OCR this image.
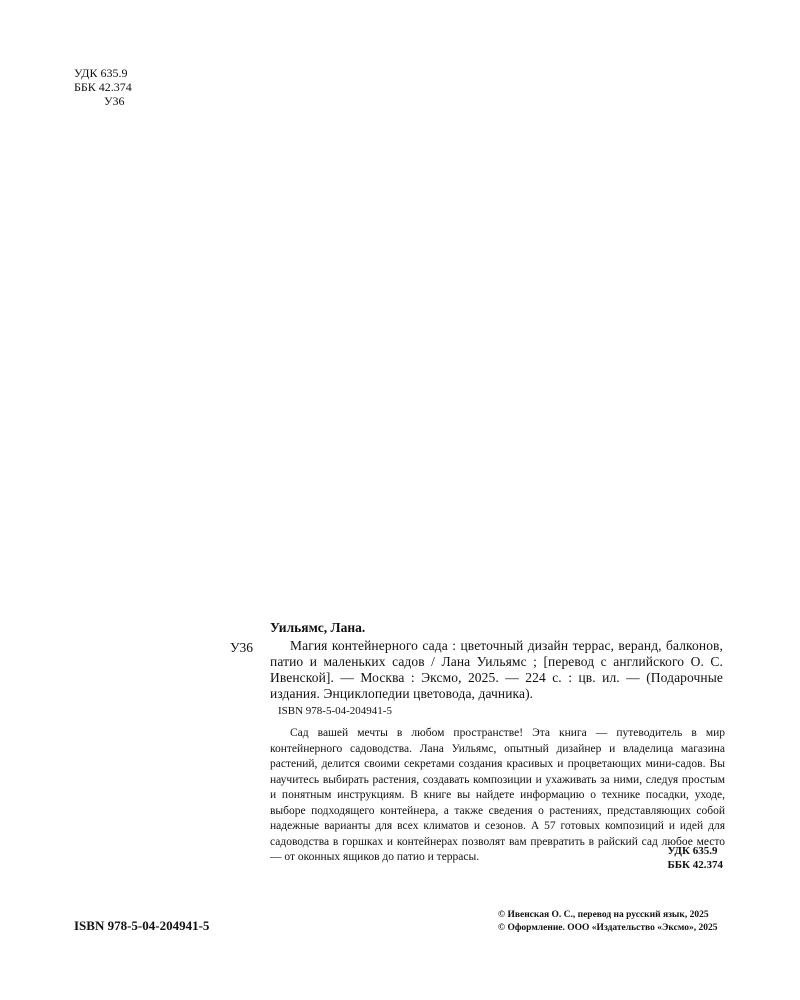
УДК 635.9
ББК 42.374
У36
Уильямс, Лана.
У36	Магия контейнерного сада : цветочный дизайн террас, веранд, балконов, патио и маленьких садов / Лана Уильямс ; [перевод с английского О. С. Ивенской]. — Москва : Эксмо, 2025. — 224 с. : цв. ил. — (Подарочные издания. Энциклопедии цветовода, дачника).
ISBN 978-5-04-204941-5
Сад вашей мечты в любом пространстве! Эта книга — путеводитель в мир контейнерного садоводства. Лана Уильямс, опытный дизайнер и владелица магазина растений, делится своими секретами создания красивых и процветающих мини-садов. Вы научитесь выбирать растения, создавать композиции и ухаживать за ними, следуя простым и понятным инструкциям. В книге вы найдете информацию о технике посадки, уходе, выборе подходящего контейнера, а также сведения о растениях, представляющих собой надежные варианты для всех климатов и сезонов. А 57 готовых композиций и идей для садоводства в горшках и контейнерах позволят вам превратить в райский сад любое место — от оконных ящиков до патио и террасы.	УДК 635.9
ББК 42.374
ISBN 978-5-04-204941-5
© Ивенская О. С., перевод на русский язык, 2025
© Оформление. ООО «Издательство «Эксмо», 2025
